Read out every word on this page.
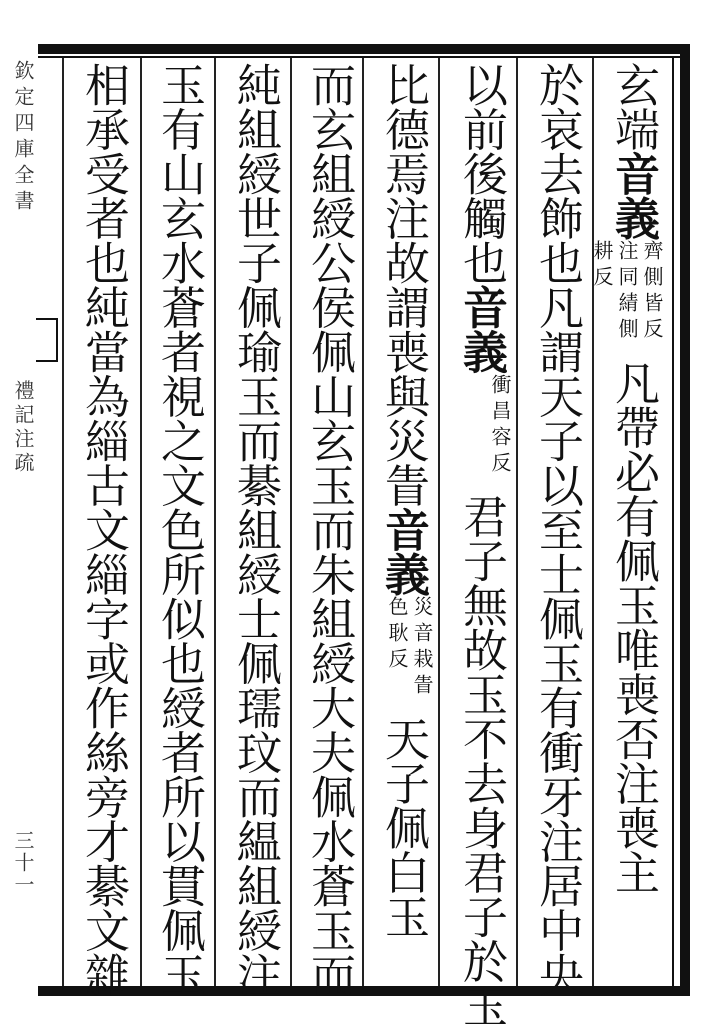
玄端音義齊側皆反注同綪側耕反凡帶必有佩玉唯喪否注喪主
於哀去飾也凡謂天子以至士佩玉有衝牙注居中央
以前後觸也音義衝昌容反君子無故玉不去身君子於玉
比德焉注故謂喪與災眚音義災音栽眚色耿反天子佩白玉
而玄組綬公侯佩山玄玉而朱組綬大夫佩水蒼玉而
純組綬世子佩瑜玉而綦組綬士佩瓀玟而緼組綬注
玉有山玄水蒼者視之文色所似也綬者所以貫佩玉
相承受者也純當為緇古文緇字或作絲旁才綦文雜
欽定四庫全書禮記注疏三十一
